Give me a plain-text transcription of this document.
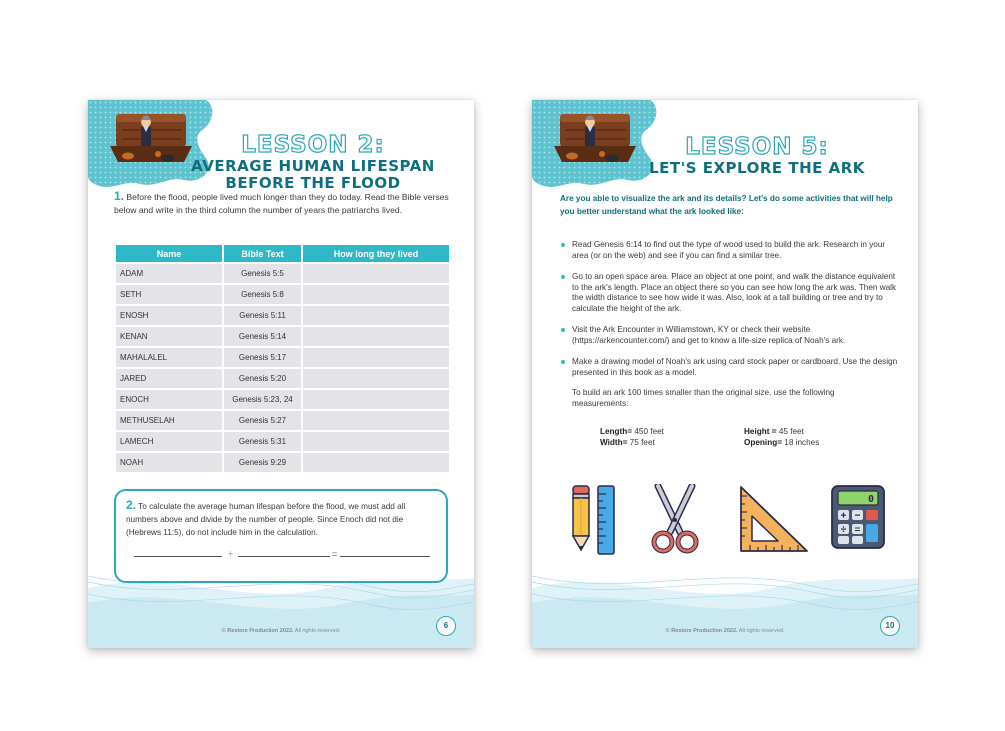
LESSON 2:
AVERAGE HUMAN LIFESPAN
BEFORE THE FLOOD
1. Before the flood, people lived much longer than they do today. Read the Bible verses below and write in the third column the number of years the patriarchs lived.
Name	Bible Text	How long they lived
ADAM	Genesis 5:5	
SETH	Genesis 5:8	
ENOSH	Genesis 5:11	
KENAN	Genesis 5:14	
MAHALALEL	Genesis 5:17	
JARED	Genesis 5:20	
ENOCH	Genesis 5:23, 24	
METHUSELAH	Genesis 5:27	
LAMECH	Genesis 5:31	
NOAH	Genesis 9:29	
2. To calculate the average human lifespan before the flood, we must add all numbers above and divide by the number of people. Since Enoch did not die (Hebrews 11:5), do not include him in the calculation.
÷	=
© Restore Production 2022. All rights reserved.
6
LESSON 5:
LET'S EXPLORE THE ARK
Are you able to visualize the ark and its details? Let's do some activities that will help you better understand what the ark looked like:
Read Genesis 6:14 to find out the type of wood used to build the ark. Research in your area (or on the web) and see if you can find a similar tree.
Go to an open space area. Place an object at one point, and walk the distance equivalent to the ark's length. Place an object there so you can see how long the ark was. Then walk the width distance to see how wide it was. Also, look at a tall building or tree and try to calculate the height of the ark.
Visit the Ark Encounter in Williamstown, KY or check their website (https://arkencounter.com/) and get to know a life-size replica of Noah's ark.
Make a drawing model of Noah's ark using card stock paper or cardboard. Use the design presented in this book as a model.
To build an ark 100 times smaller than the original size, use the following measurements:
Length= 450 feet
Width= 75 feet
Height = 45 feet
Opening= 18 inches
0
© Restore Production 2022. All rights reserved.
10
